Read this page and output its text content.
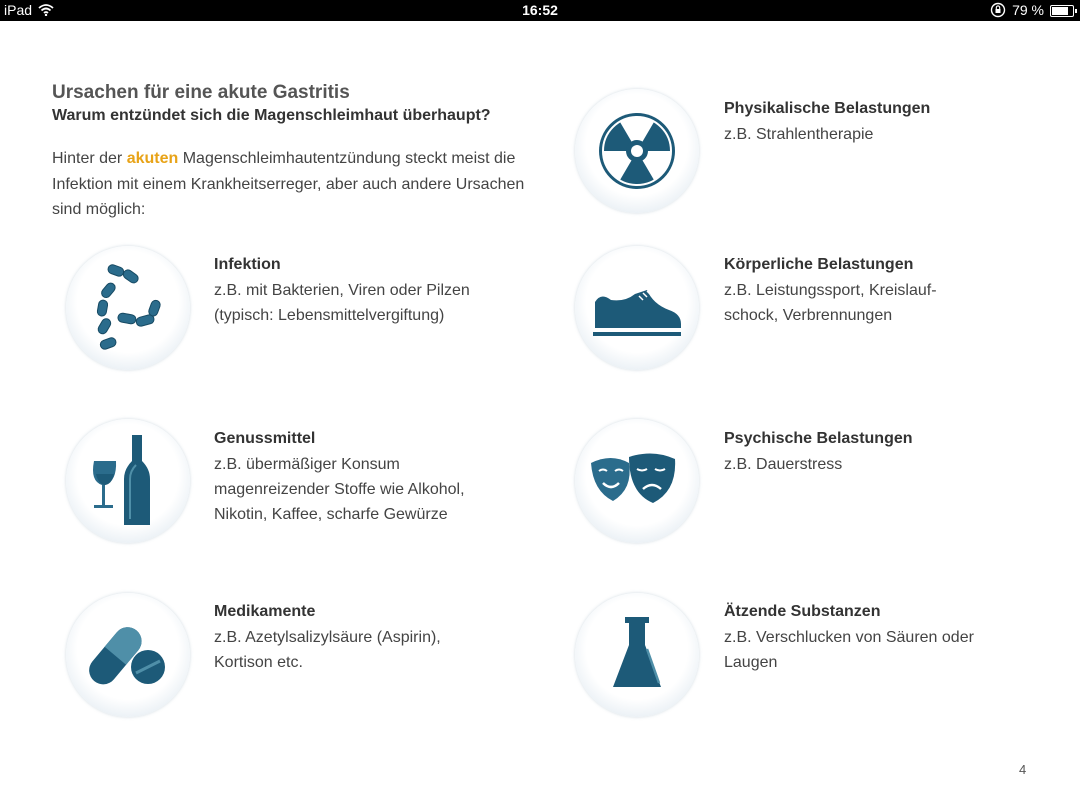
iPad	16:52	79 %
Ursachen für eine akute Gastritis
Warum entzündet sich die Magenschleimhaut überhaupt?
Hinter der akuten Magenschleimhautentzündung steckt meist die Infektion mit einem Krankheitserreger, aber auch andere Ursachen sind möglich:
Infektion
z.B. mit Bakterien, Viren oder Pilzen
(typisch: Lebensmittelvergiftung)
Genussmittel
z.B. übermäßiger Konsum
magenreizender Stoffe wie Alkohol,
Nikotin, Kaffee, scharfe Gewürze
Medikamente
z.B. Azetylsalizylsäure (Aspirin),
Kortison etc.
Physikalische Belastungen
z.B. Strahlentherapie
Körperliche Belastungen
z.B. Leistungssport, Kreislauf-
schock, Verbrennungen
Psychische Belastungen
z.B. Dauerstress
Ätzende Substanzen
z.B. Verschlucken von Säuren oder
Laugen
4
